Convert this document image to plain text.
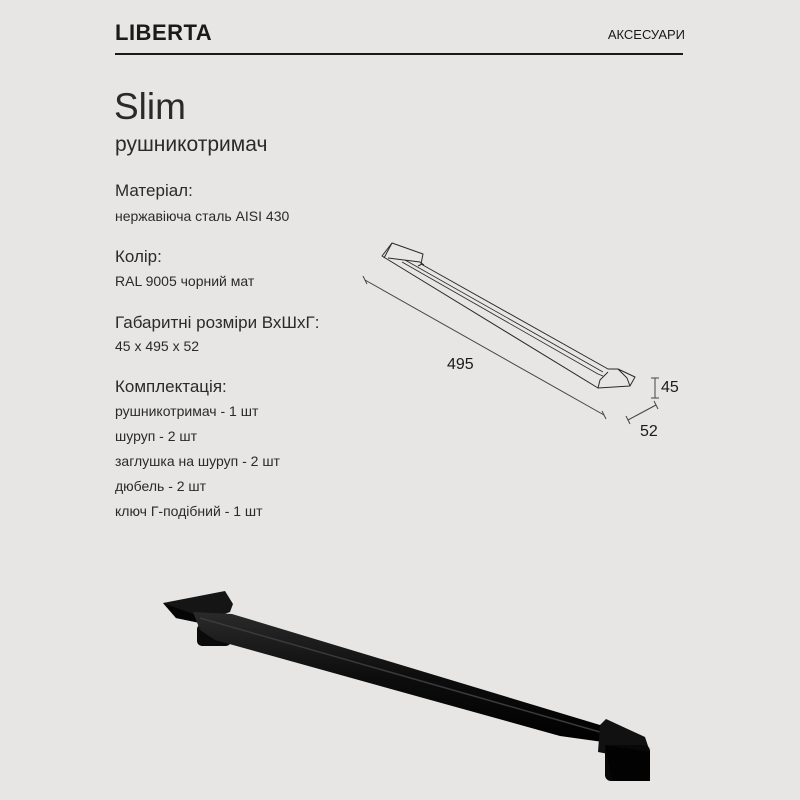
LIBERTA	АКСЕСУАРИ
Slim
рушникотримач
Матеріал:
нержавіюча сталь AISI 430
Колір:
RAL 9005 чорний мат
Габаритні розміри ВхШхГ:
45 x 495 x 52
Комплектація:
рушникотримач - 1 шт
шуруп - 2 шт
заглушка на шуруп - 2 шт
дюбель - 2 шт
ключ Г-подібний - 1 шт
495
45
52
